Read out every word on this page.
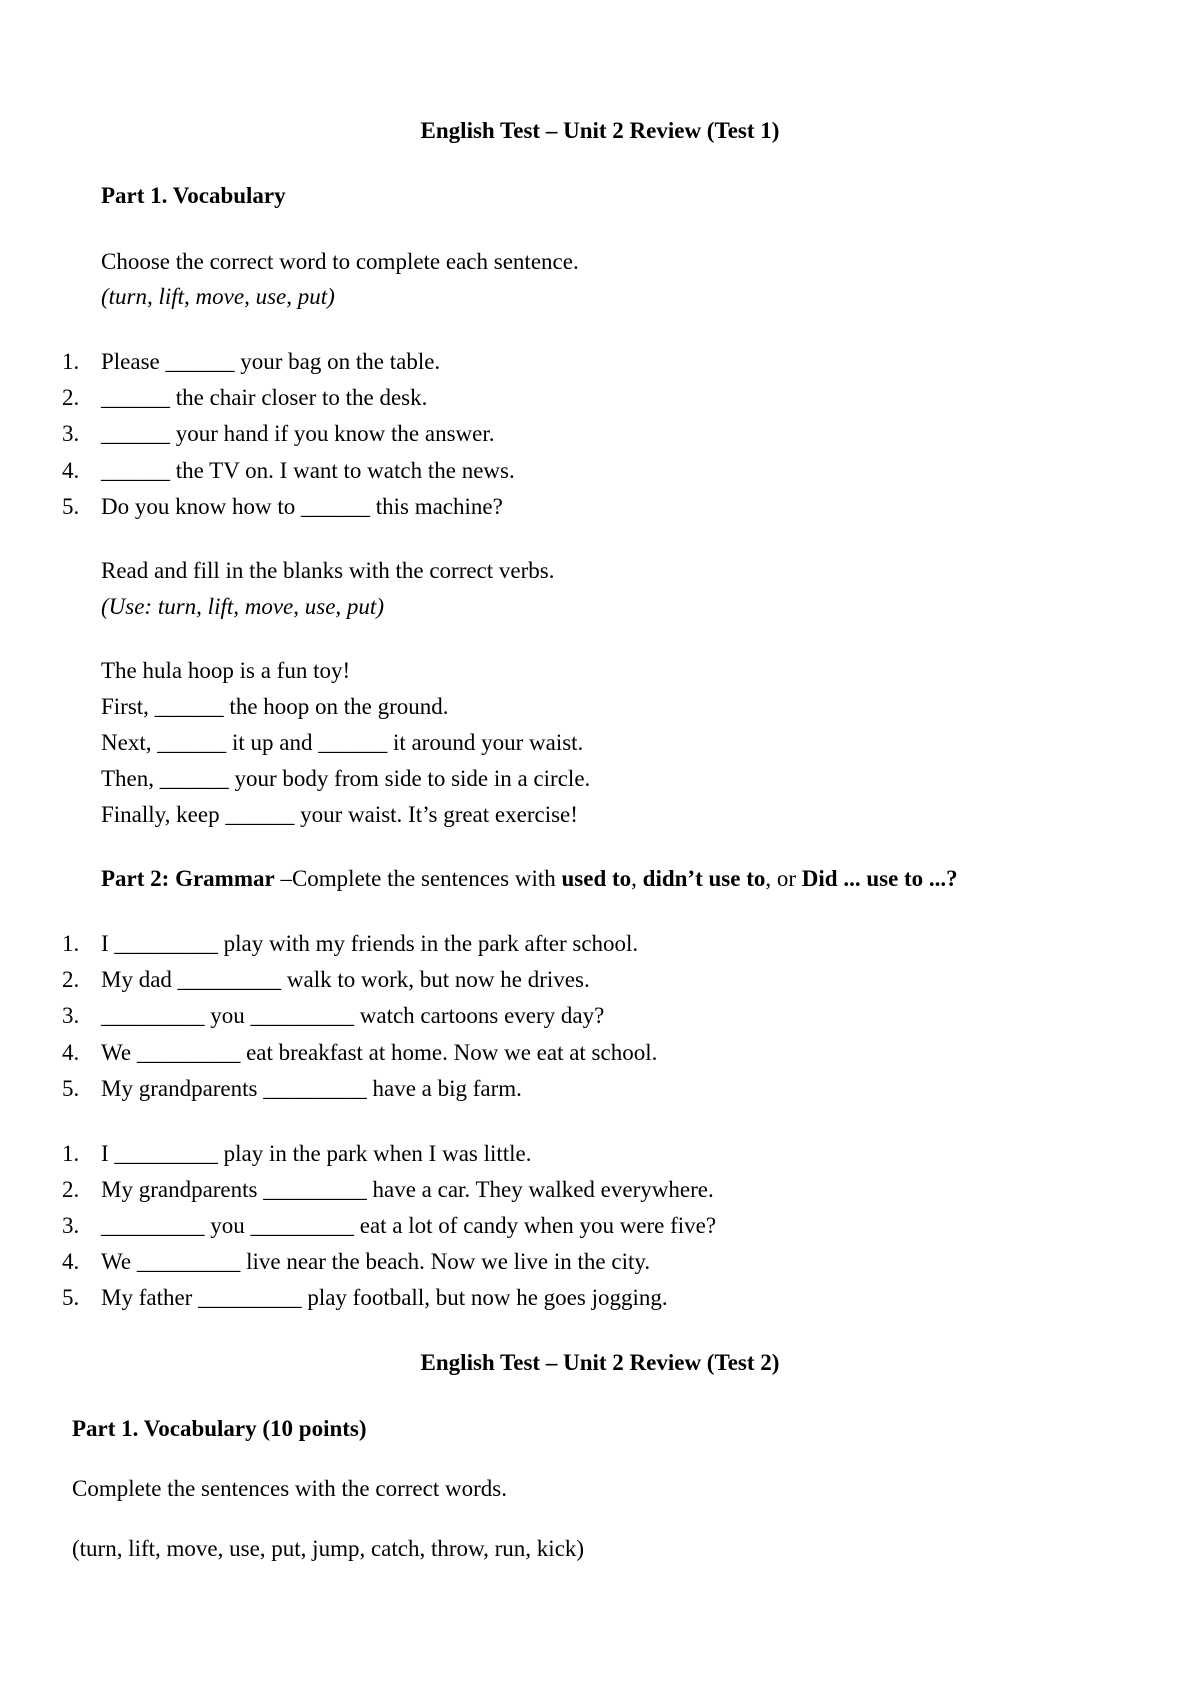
English Test – Unit 2 Review (Test 1)
Part 1. Vocabulary
Choose the correct word to complete each sentence.
(turn, lift, move, use, put)
1. Please ______ your bag on the table.
2. ______ the chair closer to the desk.
3. ______ your hand if you know the answer.
4. ______ the TV on. I want to watch the news.
5. Do you know how to ______ this machine?
Read and fill in the blanks with the correct verbs.
(Use: turn, lift, move, use, put)
The hula hoop is a fun toy!
First, ______ the hoop on the ground.
Next, ______ it up and ______ it around your waist.
Then, ______ your body from side to side in a circle.
Finally, keep ______ your waist. It’s great exercise!
Part 2: Grammar –Complete the sentences with used to, didn’t use to, or Did ... use to ...?
1. I _________ play with my friends in the park after school.
2. My dad _________ walk to work, but now he drives.
3. _________ you _________ watch cartoons every day?
4. We _________ eat breakfast at home. Now we eat at school.
5. My grandparents _________ have a big farm.
1. I _________ play in the park when I was little.
2. My grandparents _________ have a car. They walked everywhere.
3. _________ you _________ eat a lot of candy when you were five?
4. We _________ live near the beach. Now we live in the city.
5. My father _________ play football, but now he goes jogging.
English Test – Unit 2 Review (Test 2)
Part 1. Vocabulary (10 points)
Complete the sentences with the correct words.
(turn, lift, move, use, put, jump, catch, throw, run, kick)
